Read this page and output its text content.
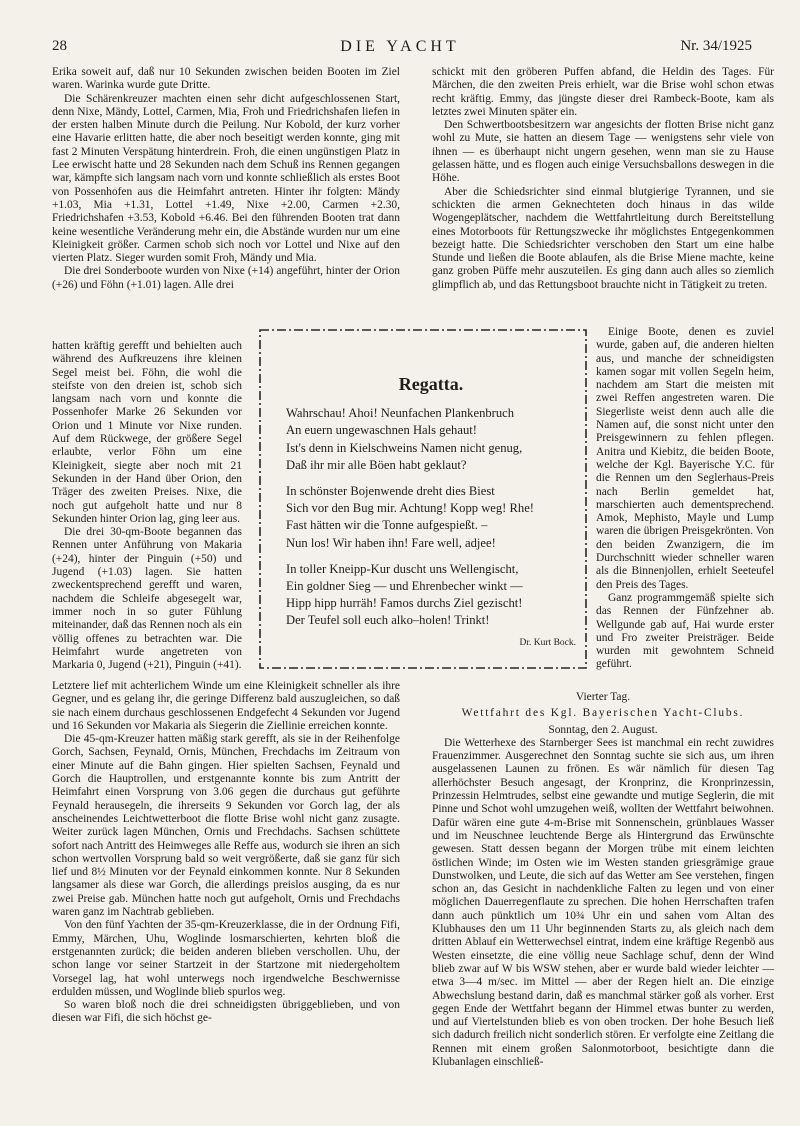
28	DIE YACHT	Nr. 34/1925

Erika soweit auf, daß nur 10 Sekunden zwischen beiden Booten im Ziel waren. Warinka wurde gute Dritte.

Die Schärenkreuzer machten einen sehr dicht aufgeschlossenen Start, denn Nixe, Mändy, Lottel, Carmen, Mia, Froh und Friedrichshafen liefen in der ersten halben Minute durch die Peilung. Nur Kobold, der kurz vorher eine Havarie erlitten hatte, die aber noch beseitigt werden konnte, ging mit fast 2 Minuten Verspätung hinterdrein. Froh, die einen ungünstigen Platz in Lee erwischt hatte und 28 Sekunden nach dem Schuß ins Rennen gegangen war, kämpfte sich langsam nach vorn und konnte schließlich als erstes Boot von Possenhofen aus die Heimfahrt antreten. Hinter ihr folgten: Mändy +1.03, Mia +1.31, Lottel +1.49, Nixe +2.00, Carmen +2.30, Friedrichshafen +3.53, Kobold +6.46. Bei den führenden Booten trat dann keine wesentliche Veränderung mehr ein, die Abstände wurden nur um eine Kleinigkeit größer. Carmen schob sich noch vor Lottel und Nixe auf den vierten Platz. Sieger wurden somit Froh, Mändy und Mia.

Die drei Sonderboote wurden von Nixe (+14) angeführt, hinter der Orion (+26) und Föhn (+1.01) lagen. Alle drei

hatten kräftig gerefft und behielten auch während des Aufkreuzens ihre kleinen Segel meist bei. Föhn, die wohl die steifste von den dreien ist, schob sich langsam nach vorn und konnte die Possenhofer Marke 26 Sekunden vor Orion und 1 Minute vor Nixe runden. Auf dem Rückwege, der größere Segel erlaubte, verlor Föhn um eine Kleinigkeit, siegte aber noch mit 21 Sekunden in der Hand über Orion, den Träger des zweiten Preises. Nixe, die noch gut aufgeholt hatte und nur 8 Sekunden hinter Orion lag, ging leer aus.

Die drei 30-qm-Boote begannen das Rennen unter Anführung von Makaria (+24), hinter der Pinguin (+50) und Jugend (+1.03) lagen. Sie hatten zweckentsprechend gerefft und waren, nachdem die Schleife abgesegelt war, immer noch in so guter Fühlung miteinander, daß das Rennen noch als ein völlig offenes zu betrachten war. Die Heimfahrt wurde angetreten von Markaria 0, Jugend (+21), Pinguin (+41).

Letztere lief mit achterlichem Winde um eine Kleinigkeit schneller als ihre Gegner, und es gelang ihr, die geringe Differenz bald auszugleichen, so daß sie nach einem durchaus geschlossenen Endgefecht 4 Sekunden vor Jugend und 16 Sekunden vor Makaria als Siegerin die Ziellinie erreichen konnte.

Die 45-qm-Kreuzer hatten mäßig stark gerefft, als sie in der Reihenfolge Gorch, Sachsen, Feynald, Ornis, München, Frechdachs im Zeitraum von einer Minute auf die Bahn gingen. Hier spielten Sachsen, Feynald und Gorch die Hauptrollen, und erstgenannte konnte bis zum Antritt der Heimfahrt einen Vorsprung von 3.06 gegen die durchaus gut geführte Feynald herausegeln, die ihrerseits 9 Sekunden vor Gorch lag, der als anscheinendes Leichtwetterboot die flotte Brise wohl nicht ganz zusagte. Weiter zurück lagen München, Ornis und Frechdachs. Sachsen schüttete sofort nach Antritt des Heimweges alle Reffe aus, wodurch sie ihren an sich schon wertvollen Vorsprung bald so weit vergrößerte, daß sie ganz für sich lief und 8½ Minuten vor der Feynald einkommen konnte. Nur 8 Sekunden langsamer als diese war Gorch, die allerdings preislos ausging, da es nur zwei Preise gab. München hatte noch gut aufgeholt, Ornis und Frechdachs waren ganz im Nachtrab geblieben.

Von den fünf Yachten der 35-qm-Kreuzerklasse, die in der Ordnung Fifi, Emmy, Märchen, Uhu, Woglinde losmarschierten, kehrten bloß die erstgenannten zurück; die beiden anderen blieben verschollen. Uhu, der schon lange vor seiner Startzeit in der Startzone mit niedergeholtem Vorsegel lag, hat wohl unterwegs noch irgendwelche Beschwernisse erdulden müssen, und Woglinde blieb spurlos weg.

So waren bloß noch die drei schneidigsten übriggeblieben, und von diesen war Fifi, die sich höchst ge-

schickt mit den gröberen Puffen abfand, die Heldin des Tages. Für Märchen, die den zweiten Preis erhielt, war die Brise wohl schon etwas recht kräftig. Emmy, das jüngste dieser drei Rambeck-Boote, kam als letztes zwei Minuten später ein.

Den Schwertbootsbesitzern war angesichts der flotten Brise nicht ganz wohl zu Mute, sie hatten an diesem Tage — wenigstens sehr viele von ihnen — es überhaupt nicht ungern gesehen, wenn man sie zu Hause gelassen hätte, und es flogen auch einige Versuchsballons deswegen in die Höhe.

Aber die Schiedsrichter sind einmal blutgierige Tyrannen, und sie schickten die armen Geknechteten doch hinaus in das wilde Wogengeplätscher, nachdem die Wettfahrtleitung durch Bereitstellung eines Motorboots für Rettungszwecke ihr möglichstes Entgegenkommen bezeigt hatte. Die Schiedsrichter verschoben den Start um eine halbe Stunde und ließen die Boote ablaufen, als die Brise Miene machte, keine ganz groben Püffe mehr auszuteilen. Es ging dann auch alles so ziemlich glimpflich ab, und das Rettungsboot brauchte nicht in Tätigkeit zu treten.

Einige Boote, denen es zuviel wurde, gaben auf, die anderen hielten aus, und manche der schneidigsten kamen sogar mit vollen Segeln heim, nachdem am Start die meisten mit zwei Reffen angestreten waren. Die Siegerliste weist denn auch alle die Namen auf, die sonst nicht unter den Preisgewinnern zu fehlen pflegen. Anitra und Kiebitz, die beiden Boote, welche der Kgl. Bayerische Y.C. für die Rennen um den Seglerhaus-Preis nach Berlin gemeldet hat, marschierten auch dementsprechend. Amok, Mephisto, Mayle und Lump waren die übrigen Preisgekrönten. Von den beiden Zwanzigern, die im Durchschnitt wieder schneller waren als die Binnenjollen, erhielt Seeteufel den Preis des Tages.

Ganz programmgemäß spielte sich das Rennen der Fünfzehner ab. Wellgunde gab auf, Hai wurde erster und Fro zweiter Preisträger. Beide wurden mit gewohntem Schneid geführt.

Vierter Tag.

Wettfahrt des Kgl. Bayerischen Yacht-Clubs.

Sonntag, den 2. August.

Die Wetterhexe des Starnberger Sees ist manchmal ein recht zuwidres Frauenzimmer. Ausgerechnet den Sonntag suchte sie sich aus, um ihren ausgelassenen Launen zu frönen. Es wär nämlich für diesen Tag allerhöchster Besuch angesagt, der Kronprinz, die Kronprinzessin, Prinzessin Helmtrudes, selbst eine gewandte und mutige Seglerin, die mit Pinne und Schot wohl umzugehen weiß, wollten der Wettfahrt beiwohnen. Dafür wären eine gute 4-m-Brise mit Sonnenschein, grünblaues Wasser und im Neuschnee leuchtende Berge als Hintergrund das Erwünschte gewesen. Statt dessen begann der Morgen trübe mit einem leichten östlichen Winde; im Osten wie im Westen standen griesgrämige graue Dunstwolken, und Leute, die sich auf das Wetter am See verstehen, fingen schon an, das Gesicht in nachdenkliche Falten zu legen und von einer möglichen Dauerregenflaute zu sprechen. Die hohen Herrschaften trafen dann auch pünktlich um 10¾ Uhr ein und sahen vom Altan des Klubhauses den um 11 Uhr beginnenden Starts zu, als gleich nach dem dritten Ablauf ein Wetterwechsel eintrat, indem eine kräftige Regenbö aus Westen einsetzte, die eine völlig neue Sachlage schuf, denn der Wind blieb zwar auf W bis WSW stehen, aber er wurde bald wieder leichter — etwa 3—4 m/sec. im Mittel — aber der Regen hielt an. Die einzige Abwechslung bestand darin, daß es manchmal stärker goß als vorher. Erst gegen Ende der Wettfahrt begann der Himmel etwas bunter zu werden, und auf Viertelstunden blieb es von oben trocken. Der hohe Besuch ließ sich dadurch freilich nicht sonderlich stören. Er verfolgte eine Zeitlang die Rennen mit einem großen Salonmotorboot, besichtigte dann die Klubanlagen einschließ-

Regatta.
Wahrschau! Ahoi! Neunfachen Plankenbruch
An euern ungewaschnen Hals gehaut!
Ist's denn in Kielschweins Namen nicht genug,
Daß ihr mir alle Böen habt geklaut?
In schönster Bojenwende dreht dies Biest
Sich vor den Bug mir. Achtung! Kopp weg! Rhe!
Fast hätten wir die Tonne aufgespießt. –
Nun los! Wir haben ihn! Fare well, adjee!
In toller Kneipp-Kur duscht uns Wellengischt,
Ein goldner Sieg — und Ehrenbecher winkt —
Hipp hipp hurräh! Famos durchs Ziel gezischt!
Der Teufel soll euch alko–holen! Trinkt!
Dr. Kurt Bock.
